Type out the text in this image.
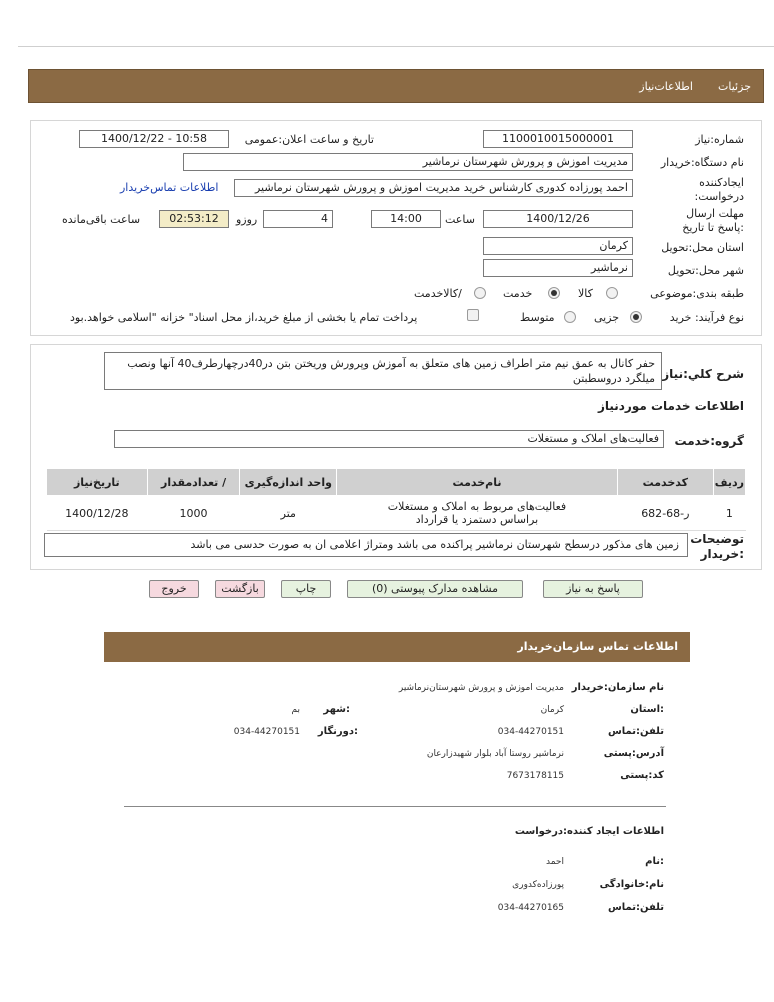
جزئیات
اطلاعات‌نیاز
شماره:نیاز
1100010015000001
تاریخ و ساعت اعلان:عمومی
1400/12/22 - 10:58
نام دستگاه:خریدار
مدیریت اموزش و پرورش شهرستان نرماشیر
ایجادکننده درخواست:
احمد پورزاده کدوری کارشناس خرید مدیریت اموزش و پرورش شهرستان نرماشیر
اطلاعات تماس‌خریدار
مهلت ارسال :پاسخ تا تاریخ
1400/12/26
ساعت
14:00
روزو	4
02:53:12
ساعت باقی‌مانده
استان محل:تحویل
کرمان
شهر محل:تحویل
نرماشیر
طبقه بندی:موضوعی
کالا
خدمت
/کالاخدمت
نوع فرآیند: خرید
جزیی
متوسط
پرداخت تمام یا بخشی از مبلغ خرید،از محل اسناد" خزانه "اسلامی خواهد.بود
شرح کلي:نياز
حفر کانال به عمق نیم متر اطراف زمین های متعلق به آموزش وپرورش وریختن بتن در40درچهارطرف40 آنها ونصب میلگرد دروسطبتن
اطلاعات خدمات موردنياز
گروه:خدمت
فعالیت‌های املاک و مستغلات
ردیف	کدخدمت	نام‌خدمت	واحد اندازه‌گیری	/ تعدادمقدار	تاریخ‌نیاز
1	ر-68-682	فعالیت‌های مربوط به املاک و مستغلات براساس دستمزد یا قرارداد	متر	1000	1400/12/28
توضیحات :خریدار
زمین های مذکور درسطح شهرستان نرماشیر پراکنده می باشد ومتراژ اعلامی ان به صورت حدسی می باشد
پاسخ به نیاز
مشاهده مدارک پیوستی (0)
چاپ
بازگشت
خروج
اطلاعات تماس سازمان‌خریدار
نام سازمان:خریدار
مدیریت اموزش و پرورش شهرستان‌نرماشیر
:استان
کرمان
:شهر
بم
تلفن:تماس
034-44270151
:دورنگار
034-44270151
آدرس:پستی
نرماشیر روستا آباد بلوار شهیدزارعان
کد:پستی
7673178115
اطلاعات ایجاد کننده:درخواست
:نام
احمد
نام:خانوادگی
پورزاده‌کدوری
تلفن:تماس
034-44270165
